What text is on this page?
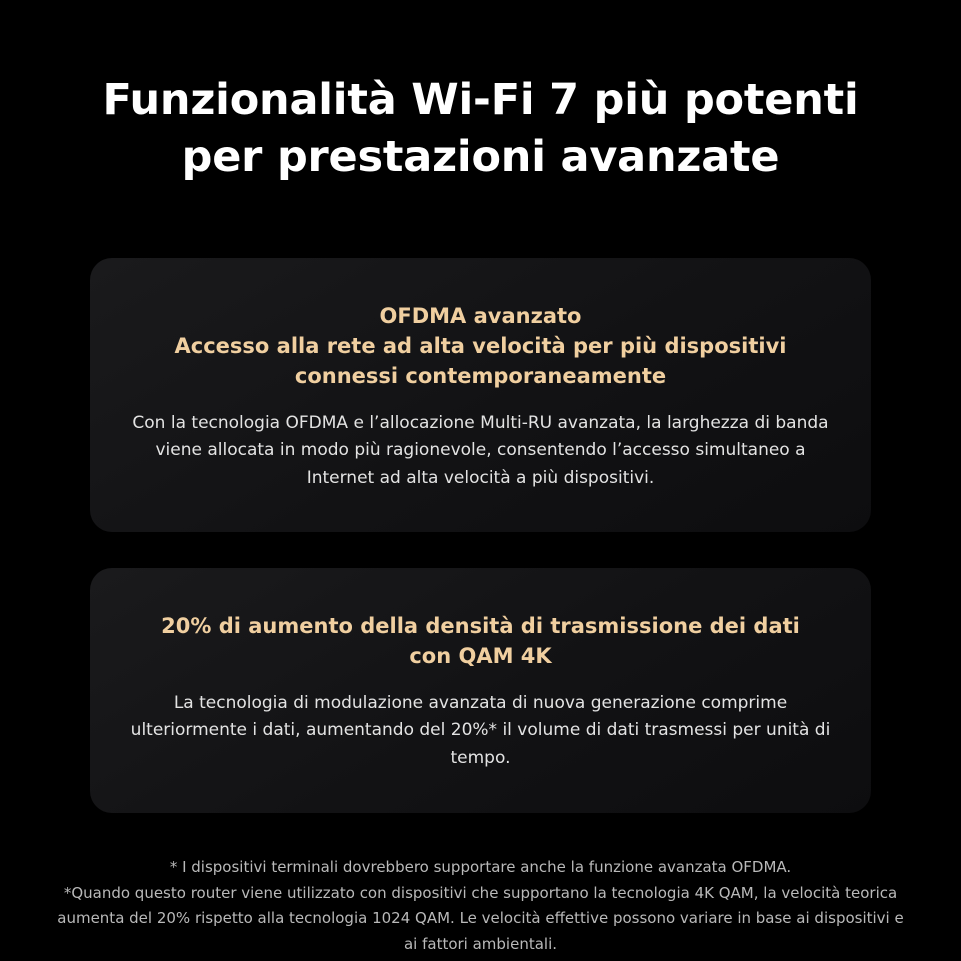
Funzionalità Wi-Fi 7 più potenti per prestazioni avanzate
OFDMA avanzato
Accesso alla rete ad alta velocità per più dispositivi connessi contemporaneamente

Con la tecnologia OFDMA e l’allocazione Multi-RU avanzata, la larghezza di banda viene allocata in modo più ragionevole, consentendo l’accesso simultaneo a Internet ad alta velocità a più dispositivi.

20% di aumento della densità di trasmissione dei dati con QAM 4K

La tecnologia di modulazione avanzata di nuova generazione comprime ulteriormente i dati, aumentando del 20%* il volume di dati trasmessi per unità di tempo.

* I dispositivi terminali dovrebbero supportare anche la funzione avanzata OFDMA.

*Quando questo router viene utilizzato con dispositivi che supportano la tecnologia 4K QAM, la velocità teorica aumenta del 20% rispetto alla tecnologia 1024 QAM. Le velocità effettive possono variare in base ai dispositivi e ai fattori ambientali.
